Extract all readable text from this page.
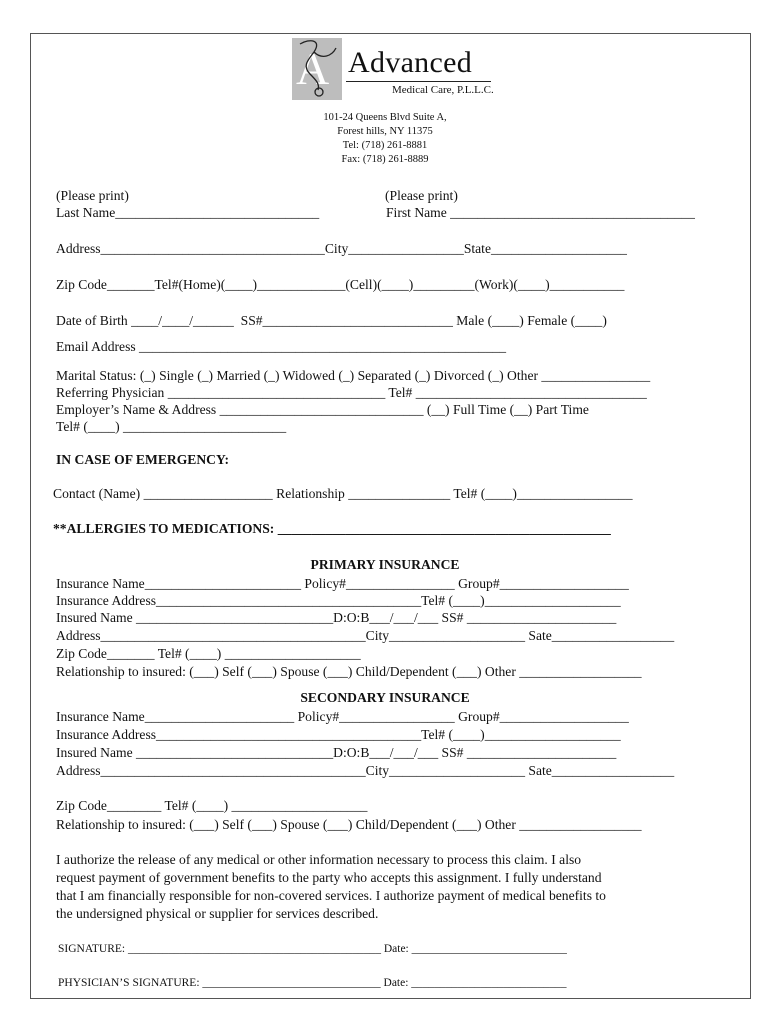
A Advanced
Medical Care, P.L.L.C.
101-24 Queens Blvd Suite A,
Forest hills, NY 11375
Tel: (718) 261-8881
Fax: (718) 261-8889
(Please print)	(Please print)
Last Name______________________________	First Name ____________________________________
Address_________________________________City_________________State____________________
Zip Code_______Tel#(Home)(____)_____________(Cell)(____)_________(Work)(____)___________
Date of Birth ____/____/______  SS#____________________________ Male (____) Female (____)
Email Address ______________________________________________________
Marital Status: (_) Single (_) Married (_) Widowed (_) Separated (_) Divorced (_) Other ________________
Referring Physician ________________________________ Tel# __________________________________
Employer’s Name & Address ______________________________ (__) Full Time (__) Part Time
Tel# (____) ________________________
IN CASE OF EMERGENCY:
Contact (Name) ___________________ Relationship _______________ Tel# (____)_________________
**ALLERGIES TO MEDICATIONS: _________________________________________________
PRIMARY INSURANCE
Insurance Name_______________________ Policy#________________ Group#___________________
Insurance Address_______________________________________Tel# (____)____________________
Insured Name _____________________________D:O:B___/___/___ SS# ______________________
Address_______________________________________City____________________ Sate__________________
Zip Code_______ Tel# (____) ____________________
Relationship to insured: (___) Self (___) Spouse (___) Child/Dependent (___) Other __________________
SECONDARY INSURANCE
Insurance Name______________________ Policy#_________________ Group#___________________
Insurance Address_______________________________________Tel# (____)____________________
Insured Name _____________________________D:O:B___/___/___ SS# ______________________
Address_______________________________________City____________________ Sate__________________
Zip Code________ Tel# (____) ____________________
Relationship to insured: (___) Self (___) Spouse (___) Child/Dependent (___) Other __________________
I authorize the release of any medical or other information necessary to process this claim. I also
request payment of government benefits to the party who accepts this assignment. I fully understand
that I am financially responsible for non-covered services. I authorize payment of medical benefits to
the undersigned physical or supplier for services described.
SIGNATURE: ____________________________________________ Date: ___________________________
PHYSICIAN’S SIGNATURE: _______________________________ Date: ___________________________
